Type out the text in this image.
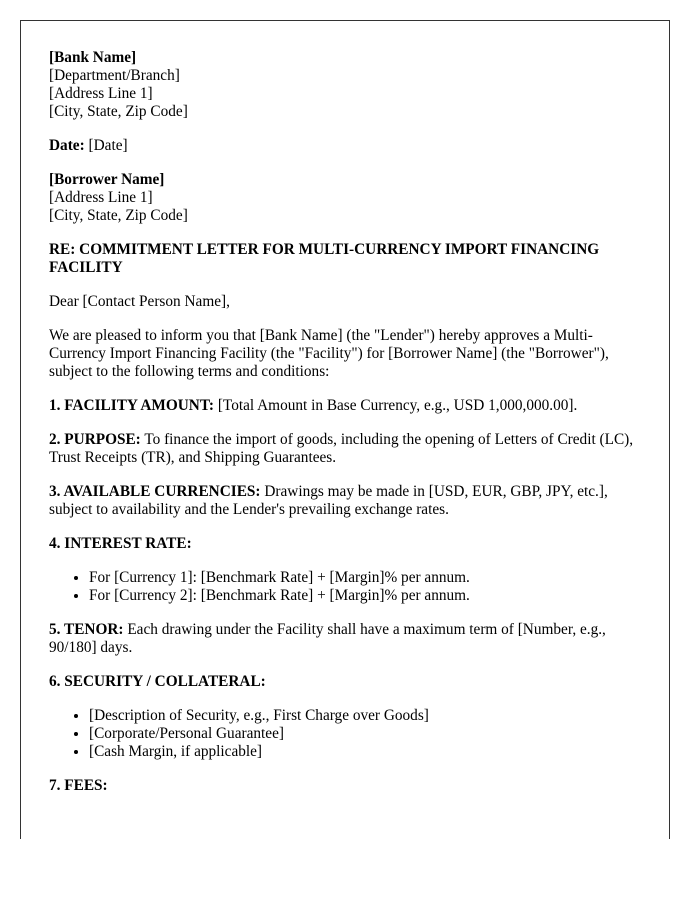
[Bank Name]
[Department/Branch]
[Address Line 1]
[City, State, Zip Code]

Date: [Date]

[Borrower Name]
[Address Line 1]
[City, State, Zip Code]

RE: COMMITMENT LETTER FOR MULTI-CURRENCY IMPORT FINANCING FACILITY

Dear [Contact Person Name],

We are pleased to inform you that [Bank Name] (the "Lender") hereby approves a Multi-Currency Import Financing Facility (the "Facility") for [Borrower Name] (the "Borrower"), subject to the following terms and conditions:

1. FACILITY AMOUNT: [Total Amount in Base Currency, e.g., USD 1,000,000.00].

2. PURPOSE: To finance the import of goods, including the opening of Letters of Credit (LC), Trust Receipts (TR), and Shipping Guarantees.

3. AVAILABLE CURRENCIES: Drawings may be made in [USD, EUR, GBP, JPY, etc.], subject to availability and the Lender's prevailing exchange rates.

4. INTEREST RATE:

• For [Currency 1]: [Benchmark Rate] + [Margin]% per annum.
• For [Currency 2]: [Benchmark Rate] + [Margin]% per annum.

5. TENOR: Each drawing under the Facility shall have a maximum term of [Number, e.g., 90/180] days.

6. SECURITY / COLLATERAL:

• [Description of Security, e.g., First Charge over Goods]
• [Corporate/Personal Guarantee]
• [Cash Margin, if applicable]

7. FEES:
